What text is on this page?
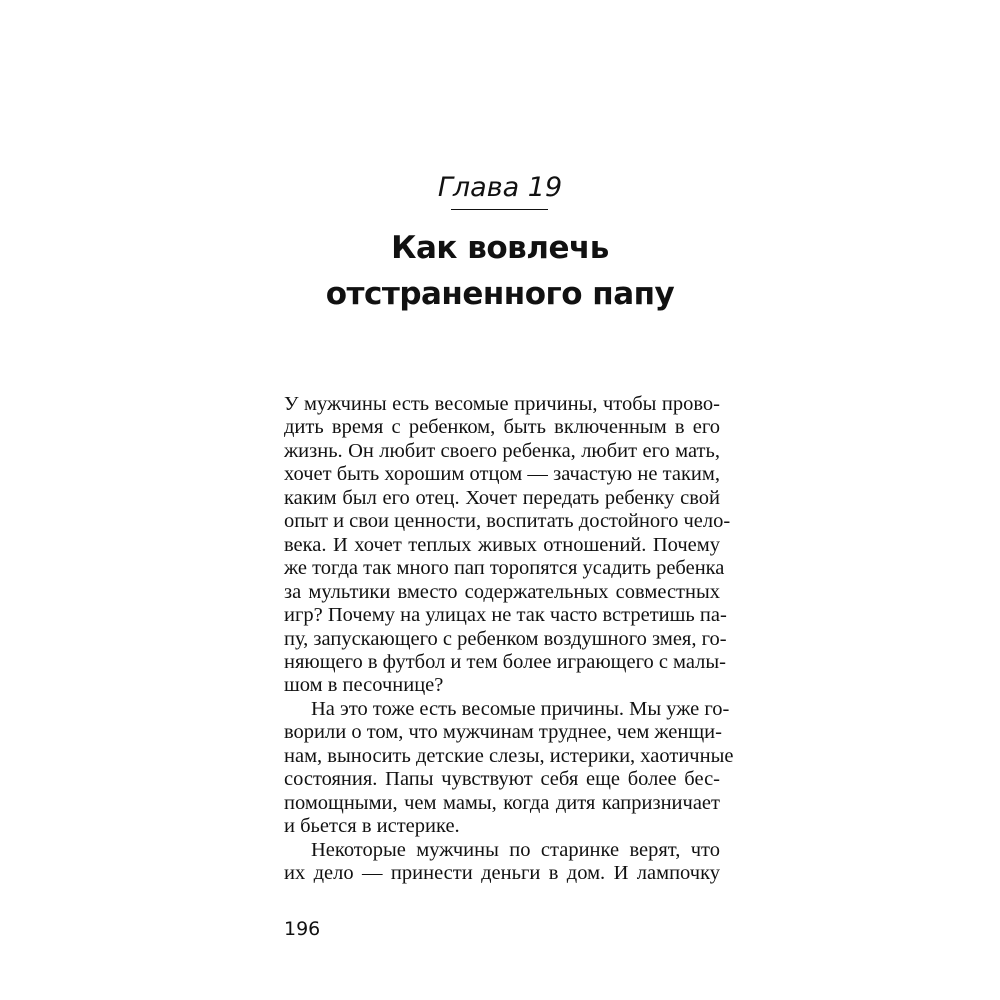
Глава 19
Как вовлечь
отстраненного папу
У мужчины есть весомые причины, чтобы прово-
дить время с ребенком, быть включенным в его
жизнь. Он любит своего ребенка, любит его мать,
хочет быть хорошим отцом — зачастую не таким,
каким был его отец. Хочет передать ребенку свой
опыт и свои ценности, воспитать достойного чело-
века. И хочет теплых живых отношений. Почему
же тогда так много пап торопятся усадить ребенка
за мультики вместо содержательных совместных
игр? Почему на улицах не так часто встретишь па-
пу, запускающего с ребенком воздушного змея, го-
няющего в футбол и тем более играющего с малы-
шом в песочнице?
На это тоже есть весомые причины. Мы уже го-
ворили о том, что мужчинам труднее, чем женщи-
нам, выносить детские слезы, истерики, хаотичные
состояния. Папы чувствуют себя еще более бес-
помощными, чем мамы, когда дитя капризничает
и бьется в истерике.
Некоторые мужчины по старинке верят, что
их дело — принести деньги в дом. И лампочку
196
